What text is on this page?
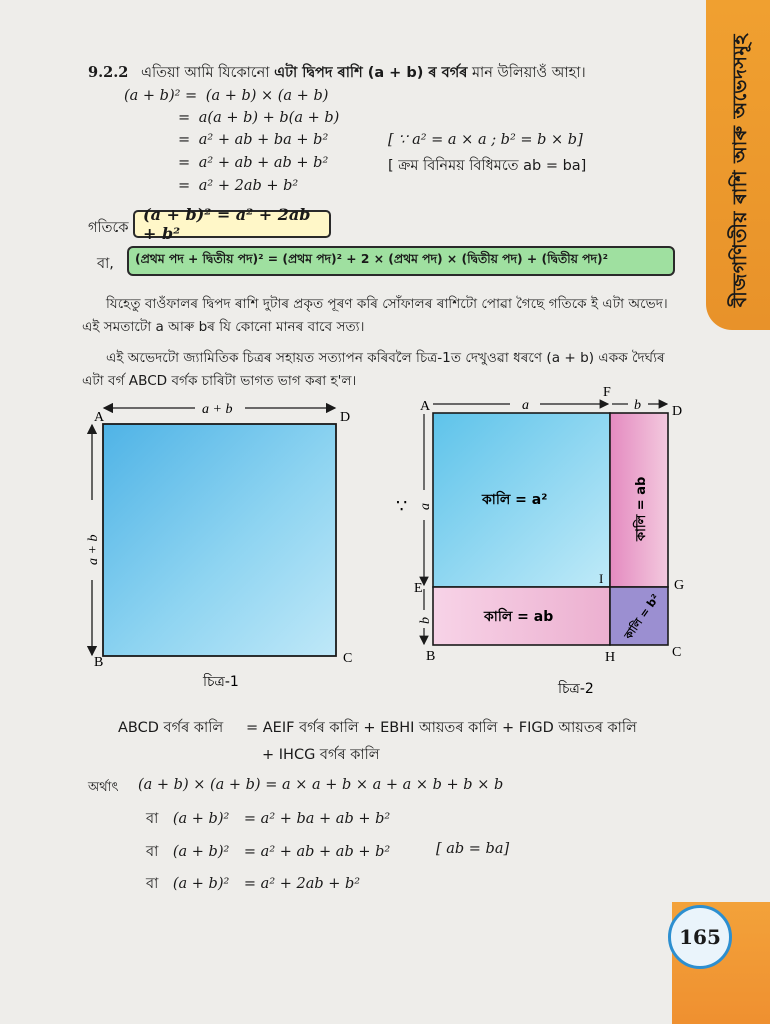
বীজগণিতীয় ৰাশি আৰু অভেদসমূহ
9.2.2 এতিয়া আমি যিকোনো এটা দ্বিপদ ৰাশি (a + b) ৰ বৰ্গৰ মান উলিয়াওঁ আহা।
(a + b)² = (a + b) × (a + b)
= a(a + b) + b(a + b)
= a² + ab + ba + b²	[ ∵ a² = a × a ; b² = b × b]
= a² + ab + ab + b²	[ ক্ৰম বিনিময় বিধিমতে ab = ba]
= a² + 2ab + b²
গতিকে
(a + b)² = a² + 2ab + b²
বা, (প্ৰথম পদ + দ্বিতীয় পদ)² = (প্ৰথম পদ)² + 2 × (প্ৰথম পদ) × (দ্বিতীয় পদ) + (দ্বিতীয় পদ)²
যিহেতু বাওঁফালৰ দ্বিপদ ৰাশি দুটাৰ প্ৰকৃত পূৰণ কৰি সোঁফালৰ ৰাশিটো পোৱা গৈছে গতিকে ই এটা অভেদ।
এই সমতাটো a আৰু bৰ যি কোনো মানৰ বাবে সত্য।
এই অভেদটো জ্যামিতিক চিত্ৰৰ সহায়ত সত্যাপন কৰিবলৈ চিত্ৰ-1ত দেখুওৱা ধৰণে (a + b) একক দৈৰ্ঘ্যৰ
এটা বৰ্গ ABCD বৰ্গক চাৰিটা ভাগত ভাগ কৰা হ'ল।
A
B	C
D
a + b
a + b
∵
A	D
F
E
I	G
B	H	C
a	b
a
b
কালি = a²	কালি = ab
কালি = ab	কালি = b²
চিত্ৰ-1	চিত্ৰ-2
ABCD বৰ্গৰ কালি = AEIF বৰ্গৰ কালি + EBHI আয়তৰ কালি + FIGD আয়তৰ কালি
+ IHCG বৰ্গৰ কালি
অৰ্থাৎ (a + b) × (a + b) = a × a + b × a + a × b + b × b
বা (a + b)² = a² + ba + ab + b²
বা (a + b)² = a² + ab + ab + b²	[ ab = ba]
বা (a + b)² = a² + 2ab + b²
165
